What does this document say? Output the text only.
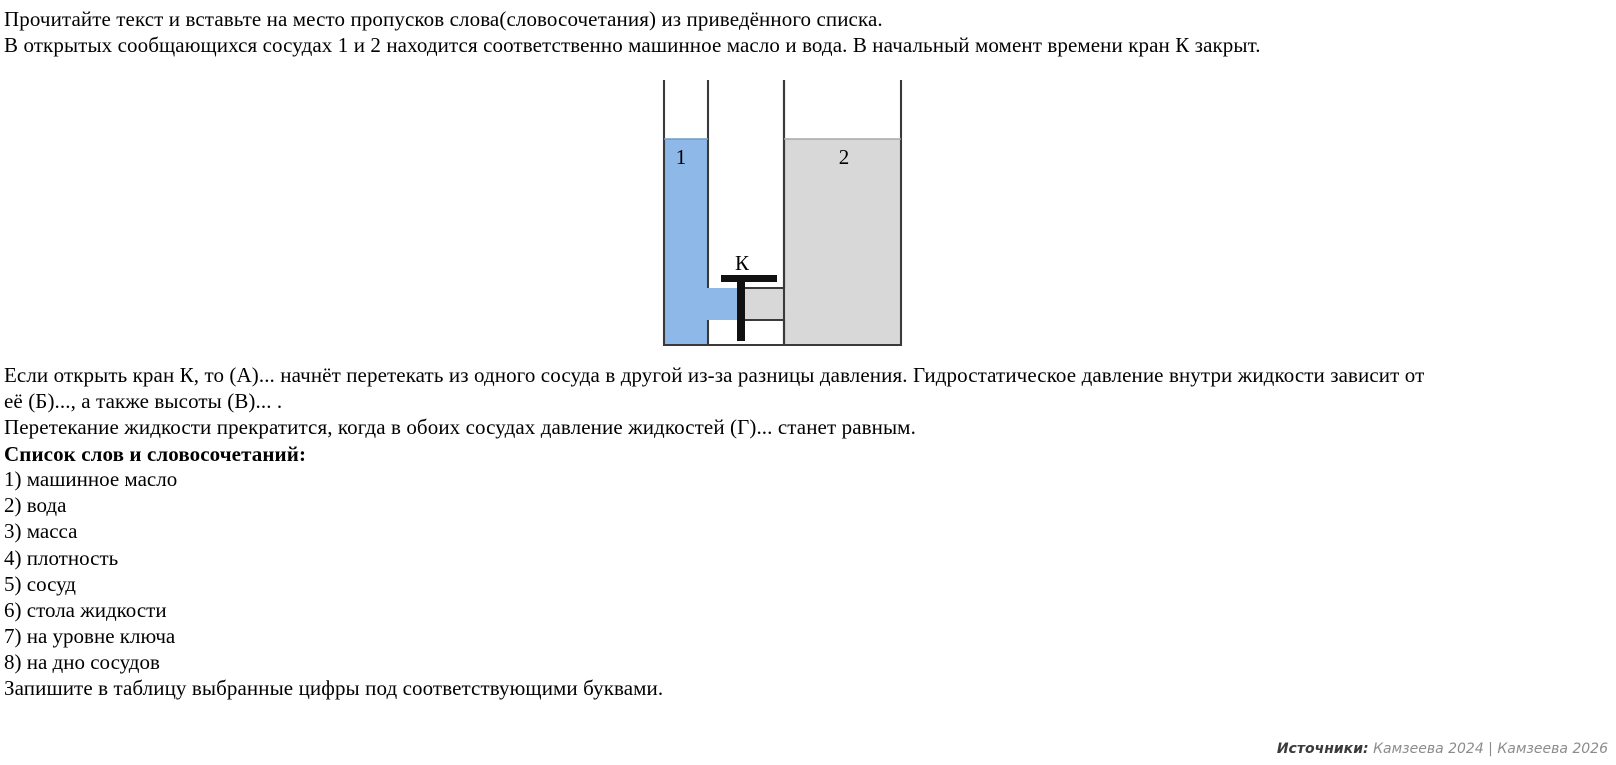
Прочитайте текст и вставьте на место пропусков слова(словосочетания) из приведённого списка.
В открытых сообщающихся сосудах 1 и 2 находится соответственно машинное масло и вода. В начальный момент времени кран К закрыт.
1	2
К
Если открыть кран К, то (А)... начнёт перетекать из одного сосуда в другой из-за разницы давления. Гидростатическое давление внутри жидкости зависит от
её (Б)..., а также высоты (В)... .
Перетекание жидкости прекратится, когда в обоих сосудах давление жидкостей (Г)... станет равным.
Список слов и словосочетаний:
1) машинное масло
2) вода
3) масса
4) плотность
5) сосуд
6) стола жидкости
7) на уровне ключа
8) на дно сосудов
Запишите в таблицу выбранные цифры под соответствующими буквами.
Источники: Камзеева 2024 | Камзеева 2026
